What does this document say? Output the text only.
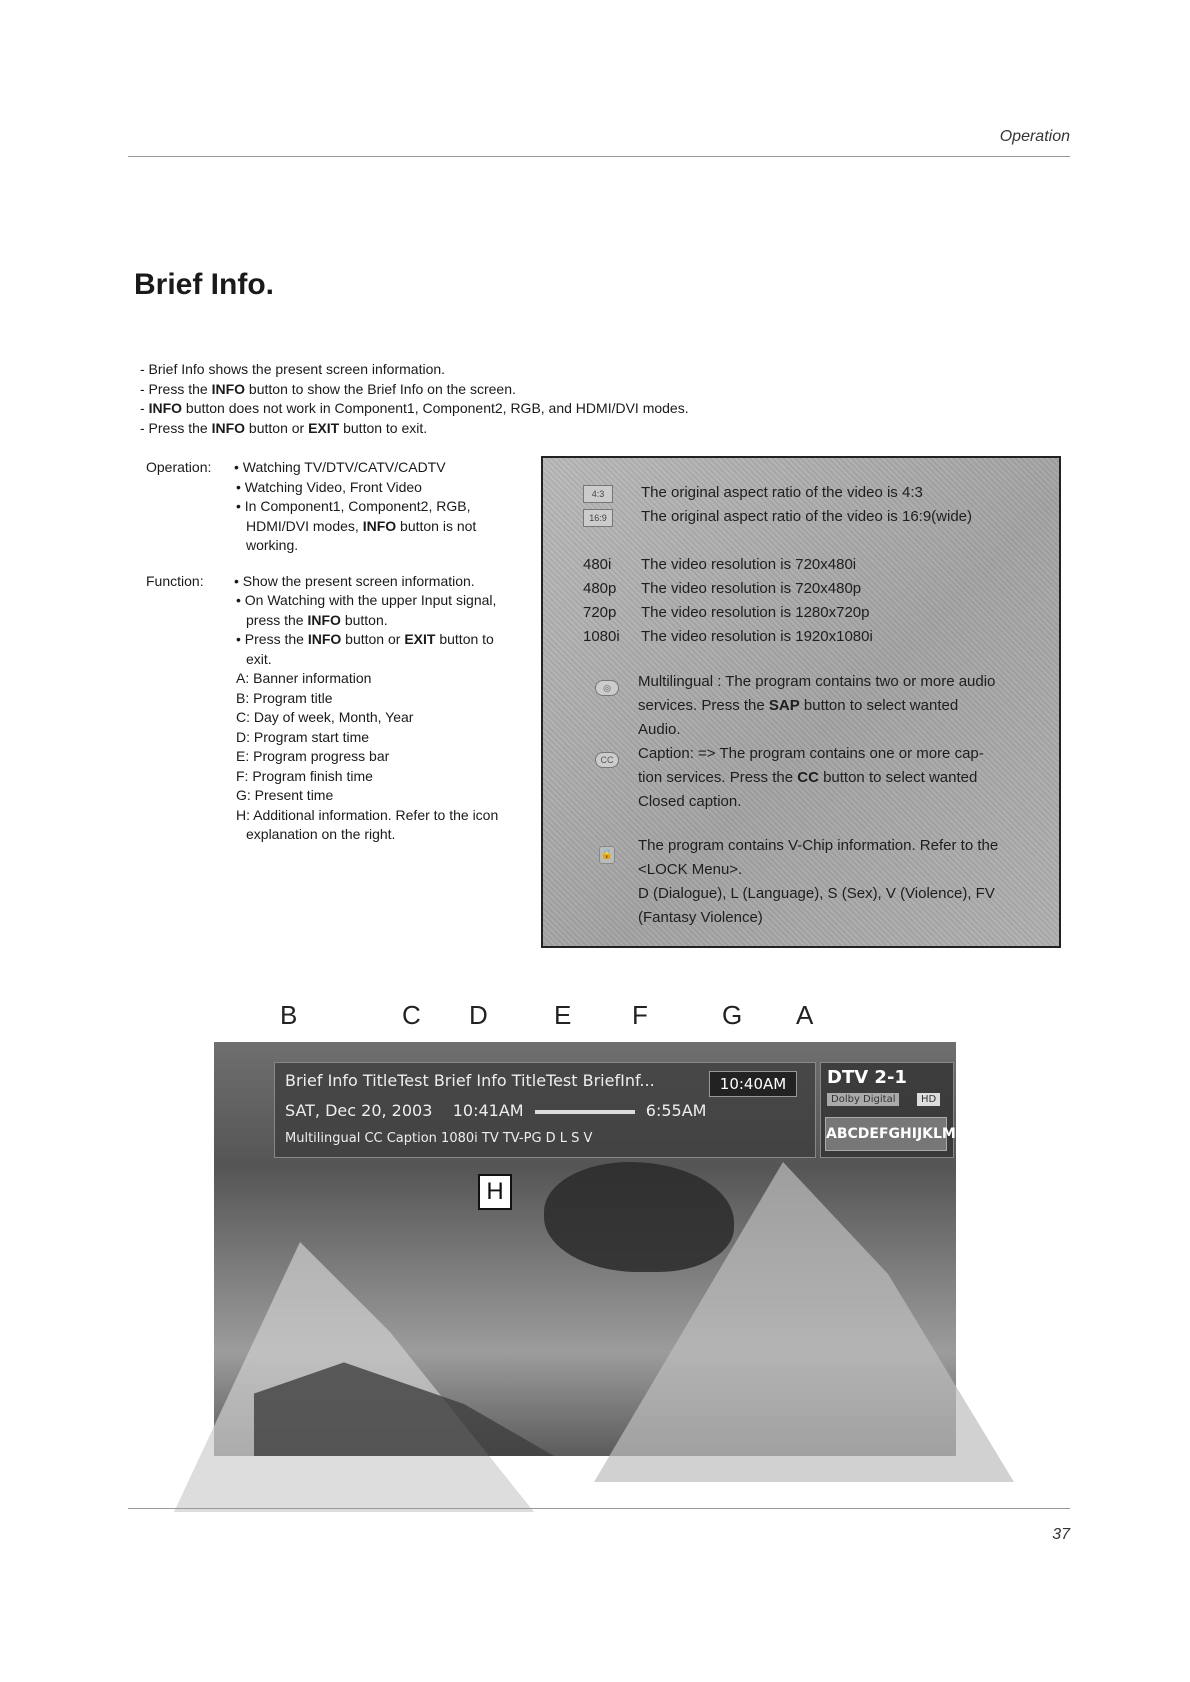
Operation
Brief Info.
- Brief Info shows the present screen information.
- Press the INFO button to show the Brief Info on the screen.
- INFO button does not work in Component1, Component2, RGB, and HDMI/DVI modes.
- Press the INFO button or EXIT button to exit.
Operation:	• Watching TV/DTV/CATV/CADTV
• Watching Video, Front Video
• In Component1, Component2, RGB,
HDMI/DVI modes, INFO button is not
working.
Function:	• Show the present screen information.
• On Watching with the upper Input signal,
press the INFO button.
• Press the INFO button or EXIT button to
exit.
A: Banner information
B: Program title
C: Day of week, Month, Year
D: Program start time
E: Program progress bar
F: Program finish time
G: Present time
H: Additional information. Refer to the icon
explanation on the right.
4:3	The original aspect ratio of the video is 4:3
16:9	The original aspect ratio of the video is 16:9(wide)
480i The video resolution is 720x480i
480p The video resolution is 720x480p
720p The video resolution is 1280x720p
1080i The video resolution is 1920x1080i
◎	Multilingual : The program contains two or more audio
services. Press the SAP button to select wanted
Audio.
CC	Caption: => The program contains one or more cap-
tion services. Press the CC button to select wanted
Closed caption.
🔒
The program contains V-Chip information. Refer to the
<LOCK Menu>.
D (Dialogue), L (Language), S (Sex), V (Violence), FV
(Fantasy Violence)
B	C D	E F	G A
Brief Info TitleTest Brief Info TitleTest BriefInf...
SAT, Dec 20, 2003 10:41AM	6:55AM
Multilingual CC Caption 1080i TV TV-PG D L S V
10:40AM	DTV 2-1
Dolby Digital	HD
ABCDEFGHIJKLM...
H
37
